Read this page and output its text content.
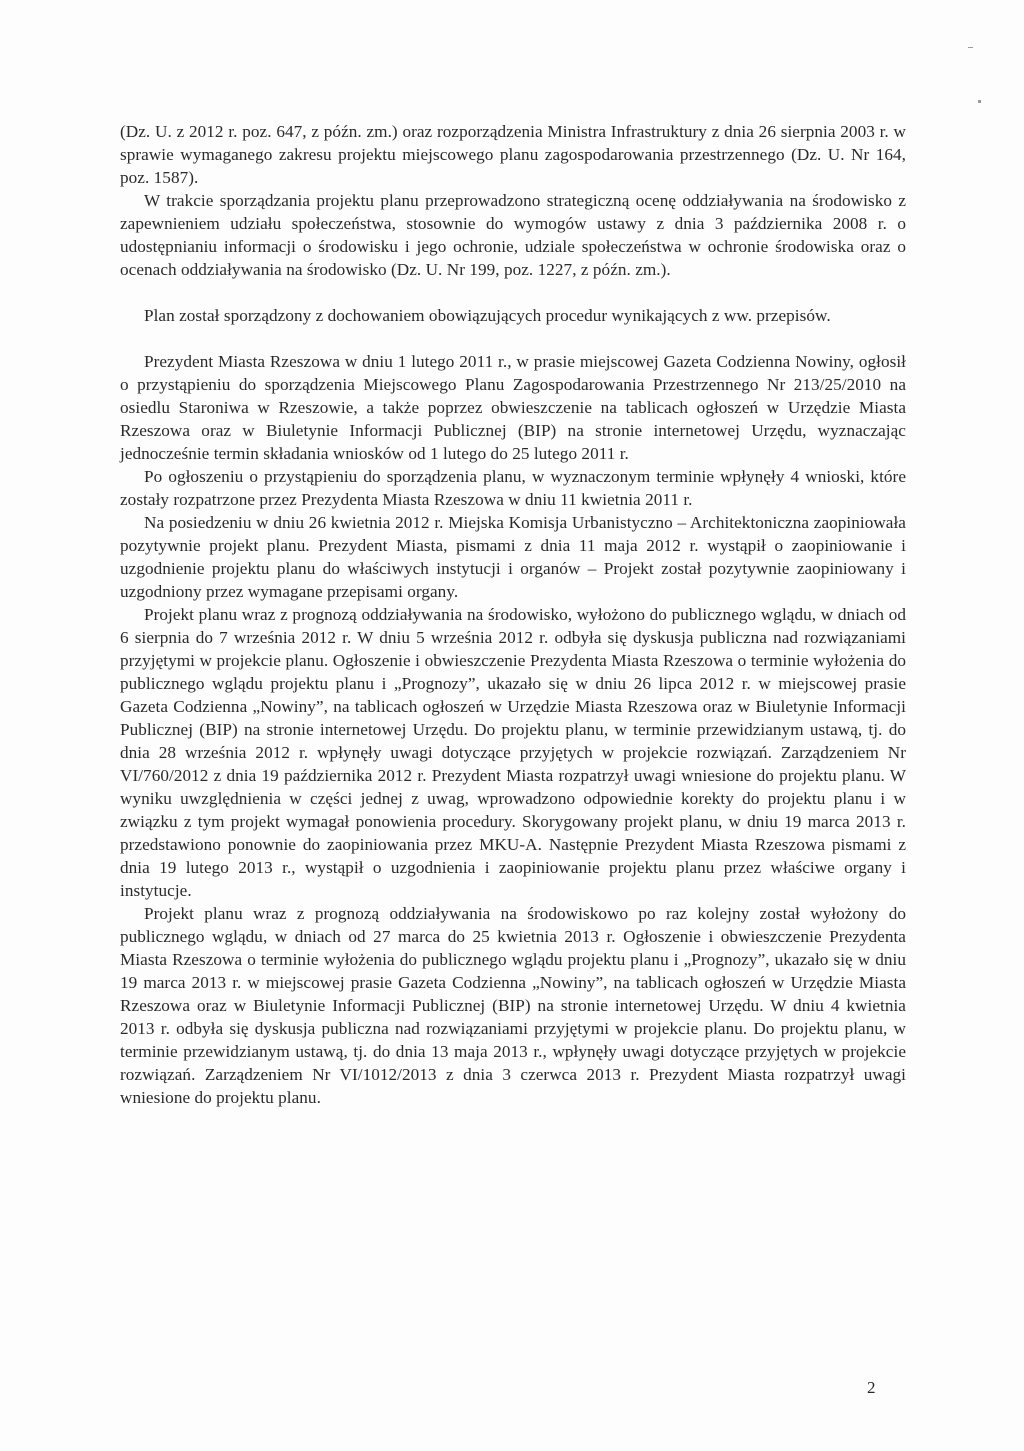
(Dz. U. z 2012 r. poz. 647, z późn. zm.) oraz rozporządzenia Ministra Infrastruktury z dnia 26 sierpnia 2003 r. w sprawie wymaganego zakresu projektu miejscowego planu zagospodarowania przestrzennego (Dz. U. Nr 164, poz. 1587).

W trakcie sporządzania projektu planu przeprowadzono strategiczną ocenę oddziaływania na środowisko z zapewnieniem udziału społeczeństwa, stosownie do wymogów ustawy z dnia 3 października 2008 r. o udostępnianiu informacji o środowisku i jego ochronie, udziale społeczeństwa w ochronie środowiska oraz o ocenach oddziaływania na środowisko (Dz. U. Nr 199, poz. 1227, z późn. zm.).

Plan został sporządzony z dochowaniem obowiązujących procedur wynikających z ww. przepisów.

Prezydent Miasta Rzeszowa w dniu 1 lutego 2011 r., w prasie miejscowej Gazeta Codzienna Nowiny, ogłosił o przystąpieniu do sporządzenia Miejscowego Planu Zagospodarowania Przestrzennego Nr 213/25/2010 na osiedlu Staroniwa w Rzeszowie, a także poprzez obwieszczenie na tablicach ogłoszeń w Urzędzie Miasta Rzeszowa oraz w Biuletynie Informacji Publicznej (BIP) na stronie internetowej Urzędu, wyznaczając jednocześnie termin składania wniosków od 1 lutego do 25 lutego 2011 r.

Po ogłoszeniu o przystąpieniu do sporządzenia planu, w wyznaczonym terminie wpłynęły 4 wnioski, które zostały rozpatrzone przez Prezydenta Miasta Rzeszowa w dniu 11 kwietnia 2011 r.

Na posiedzeniu w dniu 26 kwietnia 2012 r. Miejska Komisja Urbanistyczno – Architektoniczna zaopiniowała pozytywnie projekt planu. Prezydent Miasta, pismami z dnia 11 maja 2012 r. wystąpił o zaopiniowanie i uzgodnienie projektu planu do właściwych instytucji i organów – Projekt został pozytywnie zaopiniowany i uzgodniony przez wymagane przepisami organy.

Projekt planu wraz z prognozą oddziaływania na środowisko, wyłożono do publicznego wglądu, w dniach od 6 sierpnia do 7 września 2012 r. W dniu 5 września 2012 r. odbyła się dyskusja publiczna nad rozwiązaniami przyjętymi w projekcie planu. Ogłoszenie i obwieszczenie Prezydenta Miasta Rzeszowa o terminie wyłożenia do publicznego wglądu projektu planu i „Prognozy”, ukazało się w dniu 26 lipca 2012 r. w miejscowej prasie Gazeta Codzienna „Nowiny”, na tablicach ogłoszeń w Urzędzie Miasta Rzeszowa oraz w Biuletynie Informacji Publicznej (BIP) na stronie internetowej Urzędu. Do projektu planu, w terminie przewidzianym ustawą, tj. do dnia 28 września 2012 r. wpłynęły uwagi dotyczące przyjętych w projekcie rozwiązań. Zarządzeniem Nr VI/760/2012 z dnia 19 października 2012 r. Prezydent Miasta rozpatrzył uwagi wniesione do projektu planu. W wyniku uwzględnienia w części jednej z uwag, wprowadzono odpowiednie korekty do projektu planu i w związku z tym projekt wymagał ponowienia procedury. Skorygowany projekt planu, w dniu 19 marca 2013 r. przedstawiono ponownie do zaopiniowania przez MKU-A. Następnie Prezydent Miasta Rzeszowa pismami z dnia 19 lutego 2013 r., wystąpił o uzgodnienia i zaopiniowanie projektu planu przez właściwe organy i instytucje.

Projekt planu wraz z prognozą oddziaływania na środowiskowo po raz kolejny został wyłożony do publicznego wglądu, w dniach od 27 marca do 25 kwietnia 2013 r. Ogłoszenie i obwieszczenie Prezydenta Miasta Rzeszowa o terminie wyłożenia do publicznego wglądu projektu planu i „Prognozy”, ukazało się w dniu 19 marca 2013 r. w miejscowej prasie Gazeta Codzienna „Nowiny”, na tablicach ogłoszeń w Urzędzie Miasta Rzeszowa oraz w Biuletynie Informacji Publicznej (BIP) na stronie internetowej Urzędu. W dniu 4 kwietnia 2013 r. odbyła się dyskusja publiczna nad rozwiązaniami przyjętymi w projekcie planu. Do projektu planu, w terminie przewidzianym ustawą, tj. do dnia 13 maja 2013 r., wpłynęły uwagi dotyczące przyjętych w projekcie rozwiązań. Zarządzeniem Nr VI/1012/2013 z dnia 3 czerwca 2013 r. Prezydent Miasta rozpatrzył uwagi wniesione do projektu planu.

2
